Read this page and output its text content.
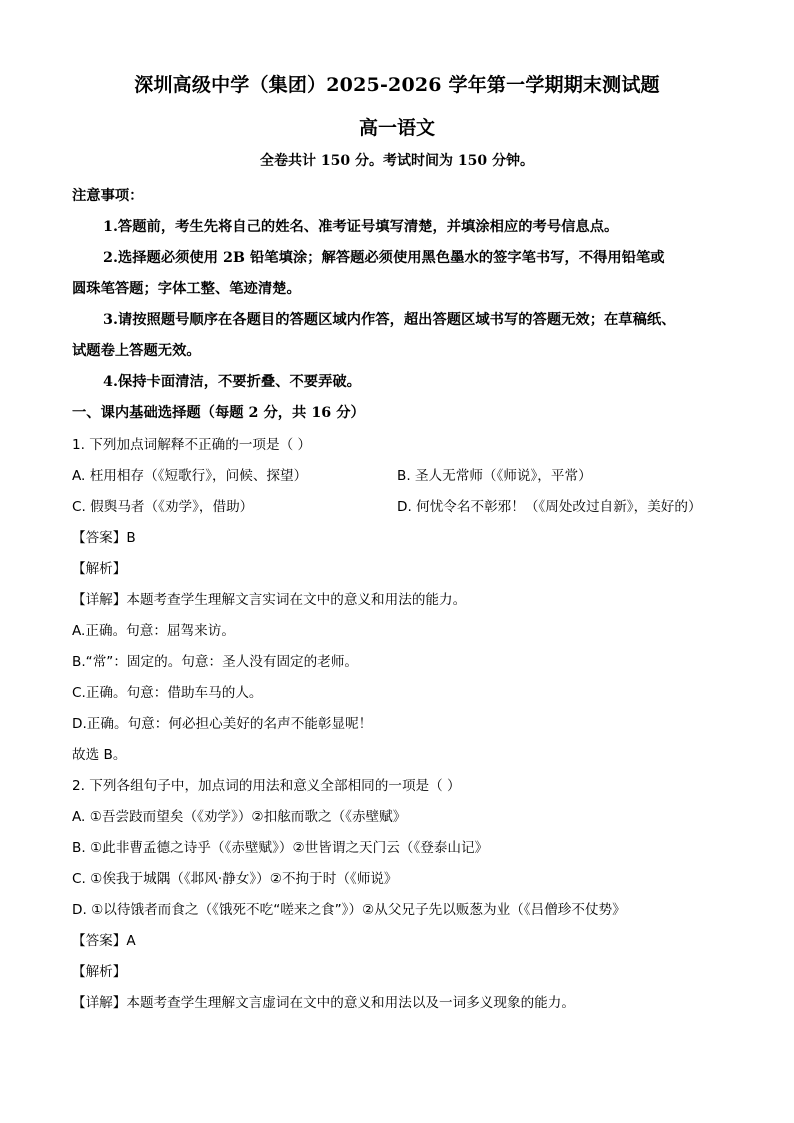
深圳高级中学（集团）2025-2026 学年第一学期期末测试题
高一语文
全卷共计 150 分。考试时间为 150 分钟。
注意事项：
1.答题前，考生先将自己的姓名、准考证号填写清楚，并填涂相应的考号信息点。
2.选择题必须使用 2B 铅笔填涂；解答题必须使用黑色墨水的签字笔书写，不得用铅笔或
圆珠笔答题；字体工整、笔迹清楚。
3.请按照题号顺序在各题目的答题区域内作答，超出答题区域书写的答题无效；在草稿纸、
试题卷上答题无效。
4.保持卡面清洁，不要折叠、不要弄破。
一、课内基础选择题（每题 2 分，共 16 分）
1. 下列加点词解释不正确的一项是（ ）
A. 枉用相存（《短歌行》，问候、探望）	B. 圣人无常师（《师说》，平常）
C. 假舆马者（《劝学》，借助）	D. 何忧令名不彰邪！（《周处改过自新》，美好的）
【答案】B
【解析】
【详解】本题考查学生理解文言实词在文中的意义和用法的能力。
A.正确。句意：屈驾来访。
B.“常”：固定的。句意：圣人没有固定的老师。
C.正确。句意：借助车马的人。
D.正确。句意：何必担心美好的名声不能彰显呢！
故选 B。
2. 下列各组句子中，加点词的用法和意义全部相同的一项是（ ）
A. ①吾尝跂而望矣（《劝学》）②扣舷而歌之（《赤壁赋》
B. ①此非曹孟德之诗乎（《赤壁赋》）②世皆谓之天门云（《登泰山记》
C. ①俟我于城隅（《邶风·静女》）②不拘于时（《师说》
D. ①以待饿者而食之（《饿死不吃“嗟来之食”》）②从父兄子先以贩葱为业（《吕僧珍不仗势》
【答案】A
【解析】
【详解】本题考查学生理解文言虚词在文中的意义和用法以及一词多义现象的能力。
